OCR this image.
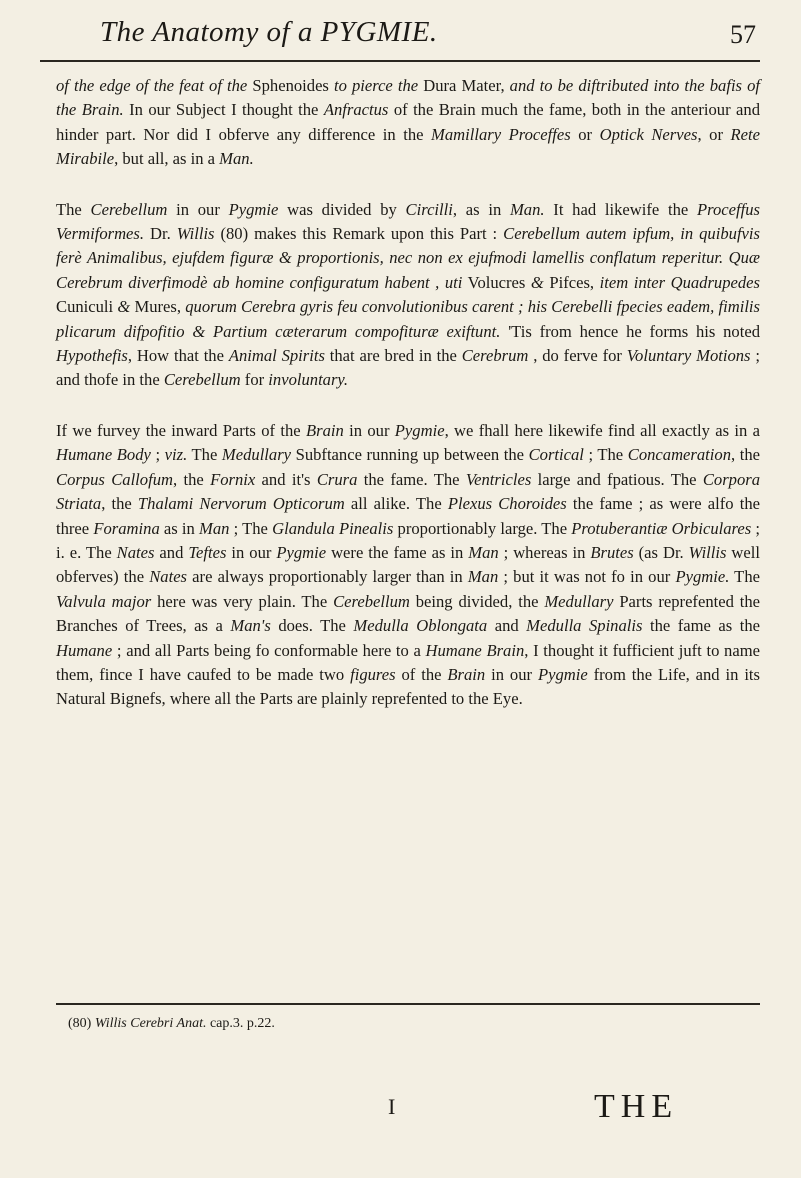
The Anatomy of a PYGMIE.	57

of the edge of the feat of the Sphenoides to pierce the Dura Mater, and to be diftributed into the bafis of the Brain. In our Subject I thought the Anfractus of the Brain much the fame, both in the anteriour and hinder part. Nor did I obferve any difference in the Mamillary Proceffes or Optick Nerves, or Rete Mirabile, but all, as in a Man.

The Cerebellum in our Pygmie was divided by Circilli, as in Man. It had likewife the Proceffus Vermiformes. Dr. Willis (80) makes this Remark upon this Part : Cerebellum autem ipfum, in quibufvis ferè Animalibus, ejufdem figuræ & proportionis, nec non ex ejufmodi lamellis conflatum reperitur. Quæ Cerebrum diverfimodè ab homine configuratum habent , uti Volucres & Pifces, item inter Quadrupedes Cuniculi & Mures, quorum Cerebra gyris feu convolutionibus carent ; his Cerebelli fpecies eadem, fimilis plicarum difpofitio & Partium cæterarum compofituræ exiftunt. 'Tis from hence he forms his noted Hypothefis, How that the Animal Spirits that are bred in the Cerebrum , do ferve for Voluntary Motions ; and thofe in the Cerebellum for involuntary.

If we furvey the inward Parts of the Brain in our Pygmie, we fhall here likewife find all exactly as in a Humane Body ; viz. The Medullary Subftance running up between the Cortical ; The Concameration, the Corpus Callofum, the Fornix and it's Crura the fame. The Ventricles large and fpatious. The Corpora Striata, the Thalami Nervorum Opticorum all alike. The Plexus Choroides the fame ; as were alfo the three Foramina as in Man ; The Glandula Pinealis proportionably large. The Protuberantiæ Orbiculares ; i. e. The Nates and Teftes in our Pygmie were the fame as in Man ; whereas in Brutes (as Dr. Willis well obferves) the Nates are always proportionably larger than in Man ; but it was not fo in our Pygmie. The Valvula major here was very plain. The Cerebellum being divided, the Medullary Parts reprefented the Branches of Trees, as a Man's does. The Medulla Oblongata and Medulla Spinalis the fame as the Humane ; and all Parts being fo conformable here to a Humane Brain, I thought it fufficient juft to name them, fince I have caufed to be made two figures of the Brain in our Pygmie from the Life, and in its Natural Bignefs, where all the Parts are plainly reprefented to the Eye.

(80) Willis Cerebri Anat. cap.3. p.22.
I	THE
